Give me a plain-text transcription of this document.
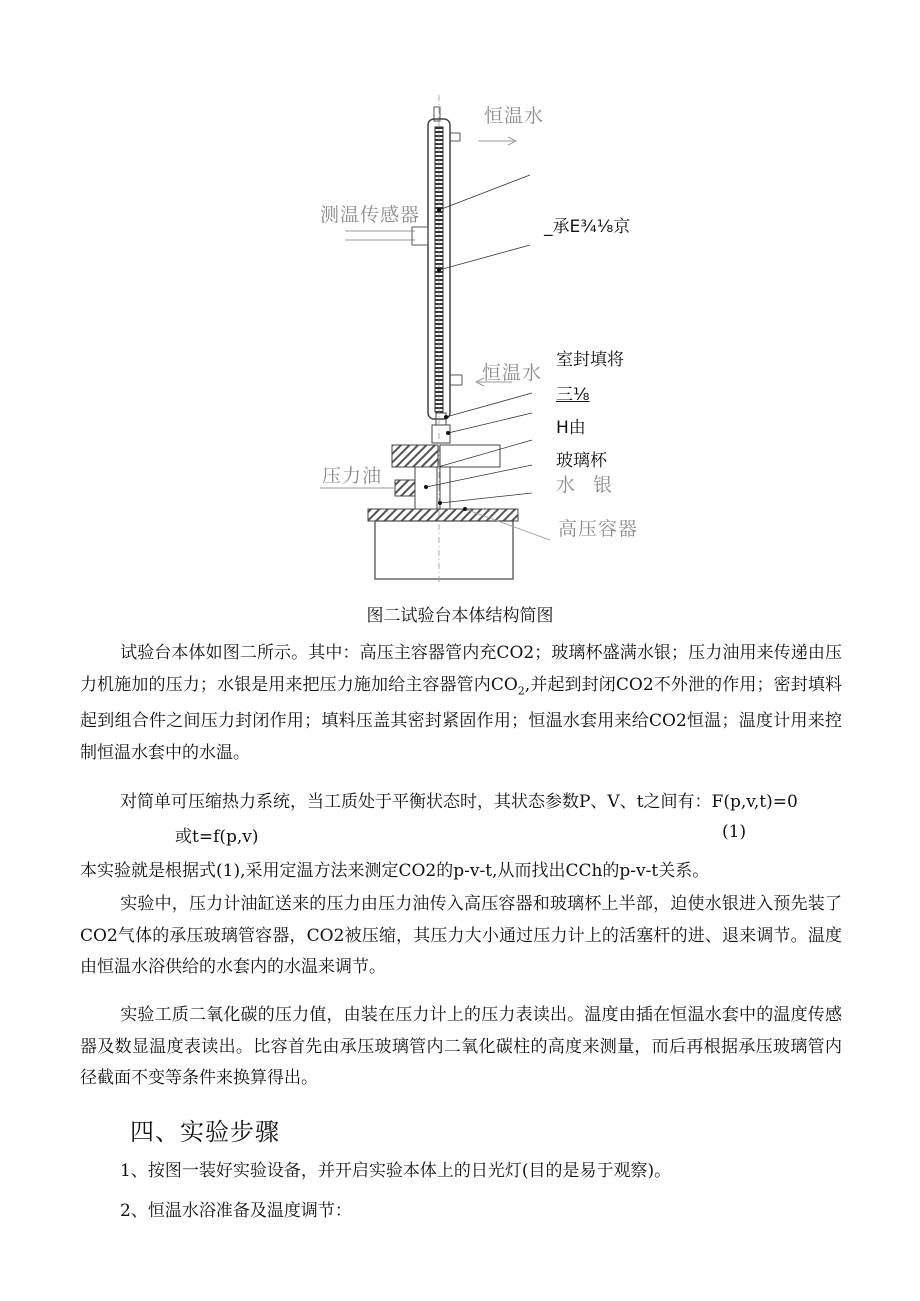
恒温水
测温传感器
_承E¾⅛京
室封填将
恒温水
三⅛
H由
玻璃杯
压力油	水 银
高压容器
图二试验台本体结构简图
试验台本体如图二所示。其中：高压主容器管内充CO2；玻璃杯盛满水银；压力油用来传递由压力机施加的压力；水银是用来把压力施加给主容器管内$CO_2$,并起到封闭CO2不外泄的作用；密封填料起到组合件之间压力封闭作用；填料压盖其密封紧固作用；恒温水套用来给CO2恒温；温度计用来控制恒温水套中的水温。
对简单可压缩热力系统，当工质处于平衡状态时，其状态参数P、V、t之间有：F(p,v,t)=0
或t=f(p,v)	(1)
本实验就是根据式(1),采用定温方法来测定CO2的p-v-t,从而找出CCh的p-v-t关系。
实验中，压力计油缸送来的压力由压力油传入高压容器和玻璃杯上半部，迫使水银进入预先装了CO2气体的承压玻璃管容器，CO2被压缩，其压力大小通过压力计上的活塞杆的进、退来调节。温度由恒温水浴供给的水套内的水温来调节。
实验工质二氧化碳的压力值，由装在压力计上的压力表读出。温度由插在恒温水套中的温度传感器及数显温度表读出。比容首先由承压玻璃管内二氧化碳柱的高度来测量，而后再根据承压玻璃管内径截面不变等条件来换算得出。
四、实验步骤
1、按图一装好实验设备，并开启实验本体上的日光灯(目的是易于观察)。
2、恒温水浴准备及温度调节：
